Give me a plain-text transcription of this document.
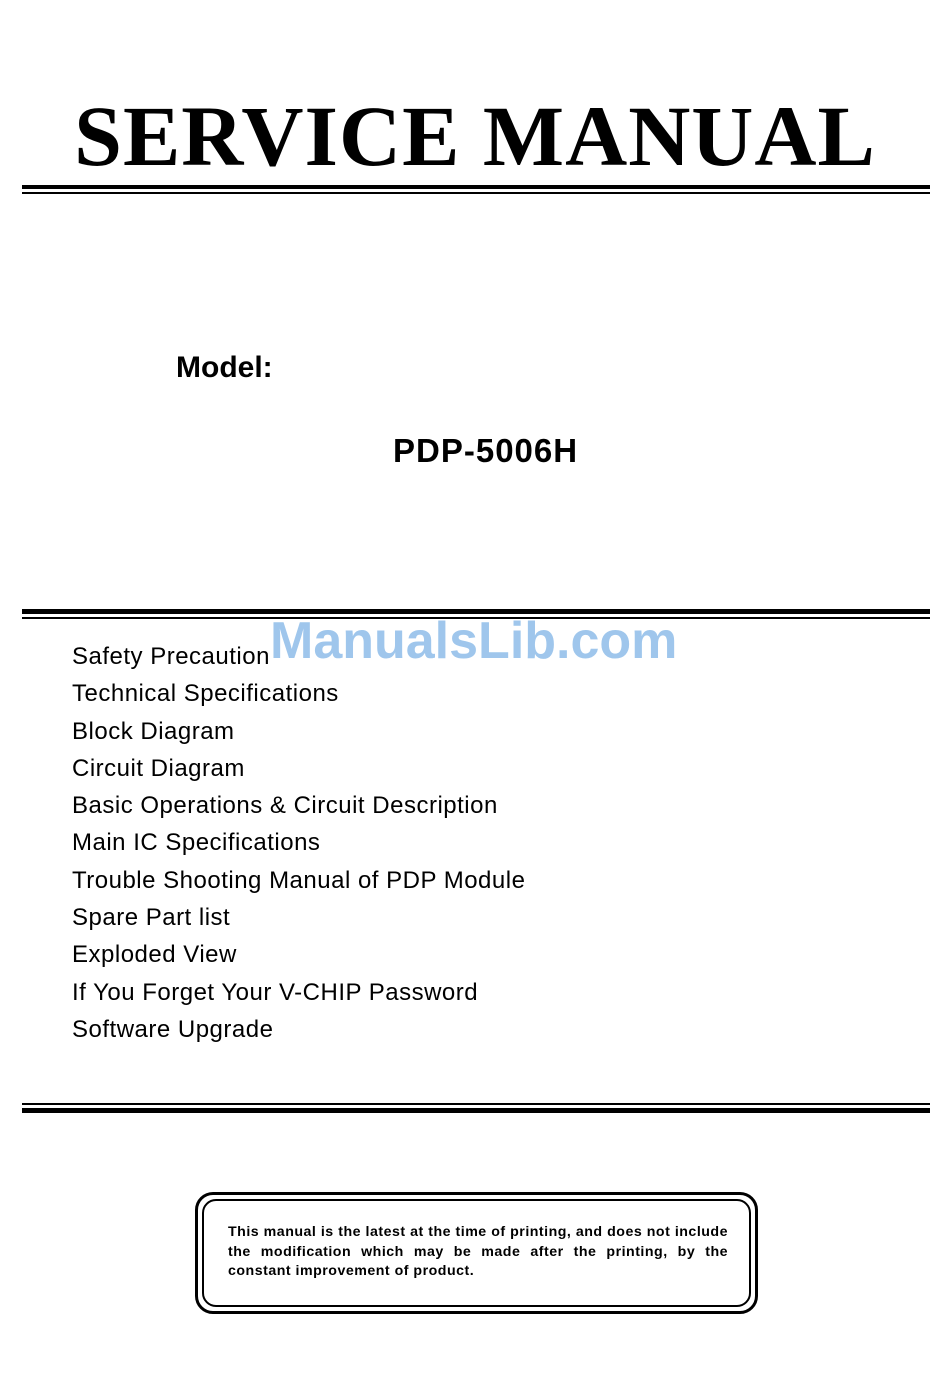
SERVICE MANUAL
Model:
PDP-5006H
ManualsLib.com
Safety Precaution
Technical Specifications
Block Diagram
Circuit Diagram
Basic Operations & Circuit Description
Main IC Specifications
Trouble Shooting Manual of PDP Module
Spare Part list
Exploded View
If You Forget Your V-CHIP Password
Software Upgrade

This manual is the latest at the time of printing, and does not include the modification which may be made after the printing, by the constant improvement of product.
